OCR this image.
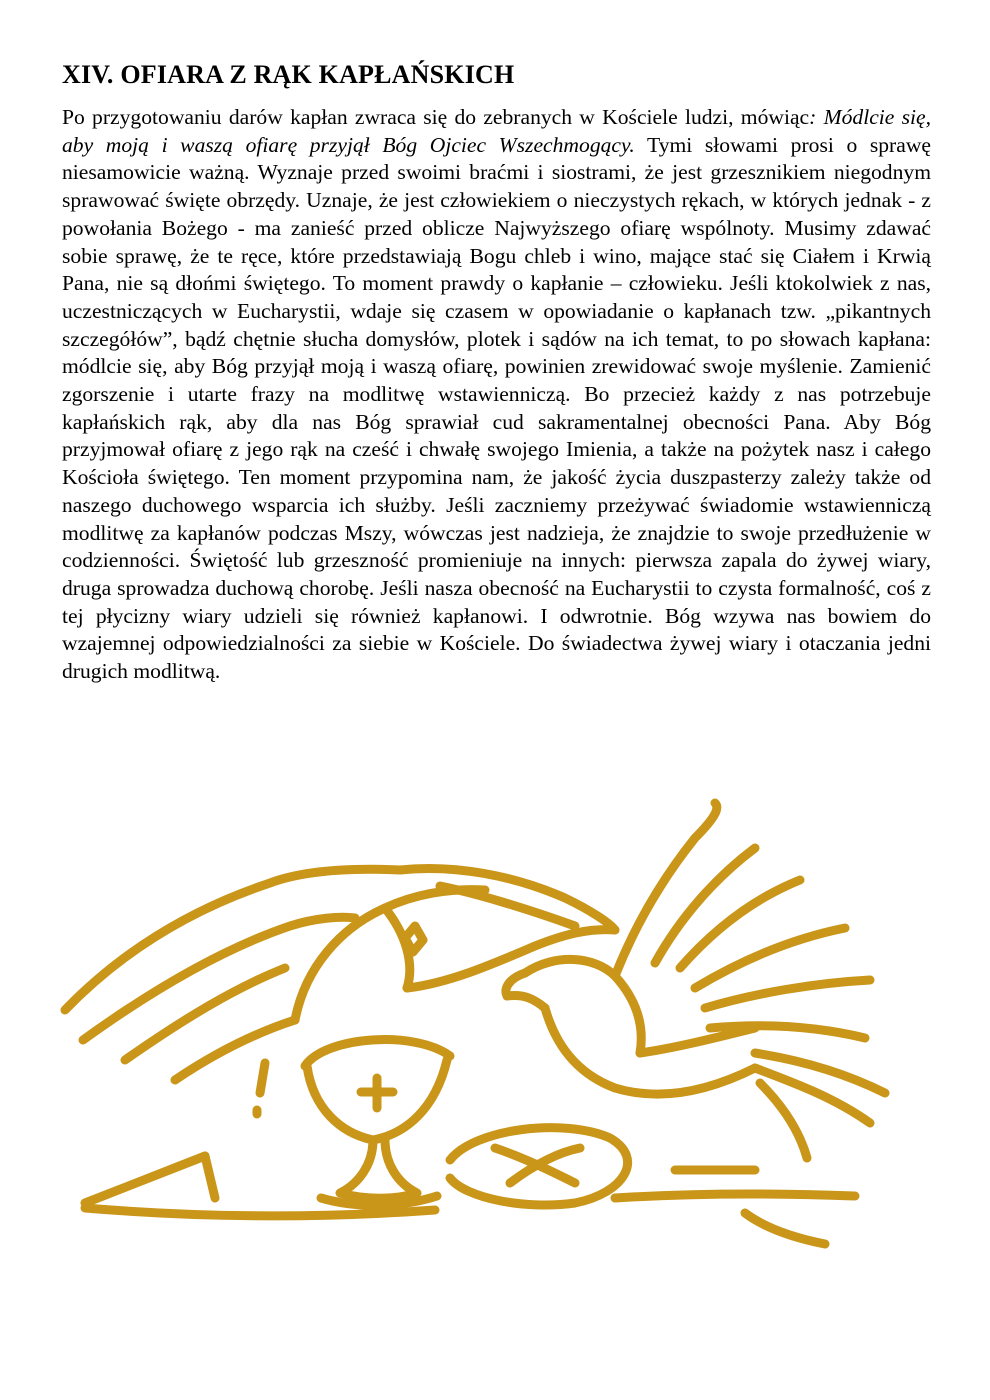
XIV. OFIARA Z RĄK KAPŁAŃSKICH

Po przygotowaniu darów kapłan zwraca się do zebranych w Kościele ludzi, mówiąc: Módlcie się, aby moją i waszą ofiarę przyjął Bóg Ojciec Wszechmogący. Tymi słowami prosi o sprawę niesamowicie ważną. Wyznaje przed swoimi braćmi i siostrami, że jest grzesznikiem niegodnym sprawować święte obrzędy. Uznaje, że jest człowiekiem o nieczystych rękach, w których jednak - z powołania Bożego - ma zanieść przed oblicze Najwyższego ofiarę wspólnoty. Musimy zdawać sobie sprawę, że te ręce, które przedstawiają Bogu chleb i wino, mające stać się Ciałem i Krwią Pana, nie są dłońmi świętego. To moment prawdy o kapłanie – człowieku. Jeśli ktokolwiek z nas, uczestniczących w Eucharystii, wdaje się czasem w opowiadanie o kapłanach tzw. „pikantnych szczegółów”, bądź chętnie słucha domysłów, plotek i sądów na ich temat, to po słowach kapłana: módlcie się, aby Bóg przyjął moją i waszą ofiarę, powinien zrewidować swoje myślenie. Zamienić zgorszenie i utarte frazy na modlitwę wstawienniczą. Bo przecież każdy z nas potrzebuje kapłańskich rąk, aby dla nas Bóg sprawiał cud sakramentalnej obecności Pana. Aby Bóg przyjmował ofiarę z jego rąk na cześć i chwałę swojego Imienia, a także na pożytek nasz i całego Kościoła świętego. Ten moment przypomina nam, że jakość życia duszpasterzy zależy także od naszego duchowego wsparcia ich służby. Jeśli zaczniemy przeżywać świadomie wstawienniczą modlitwę za kapłanów podczas Mszy, wówczas jest nadzieja, że znajdzie to swoje przedłużenie w codzienności. Świętość lub grzeszność promieniuje na innych: pierwsza zapala do żywej wiary, druga sprowadza duchową chorobę. Jeśli nasza obecność na Eucharystii to czysta formalność, coś z tej płycizny wiary udzieli się również kapłanowi. I odwrotnie. Bóg wzywa nas bowiem do wzajemnej odpowiedzialności za siebie w Kościele. Do świadectwa żywej wiary i otaczania jedni drugich modlitwą.
